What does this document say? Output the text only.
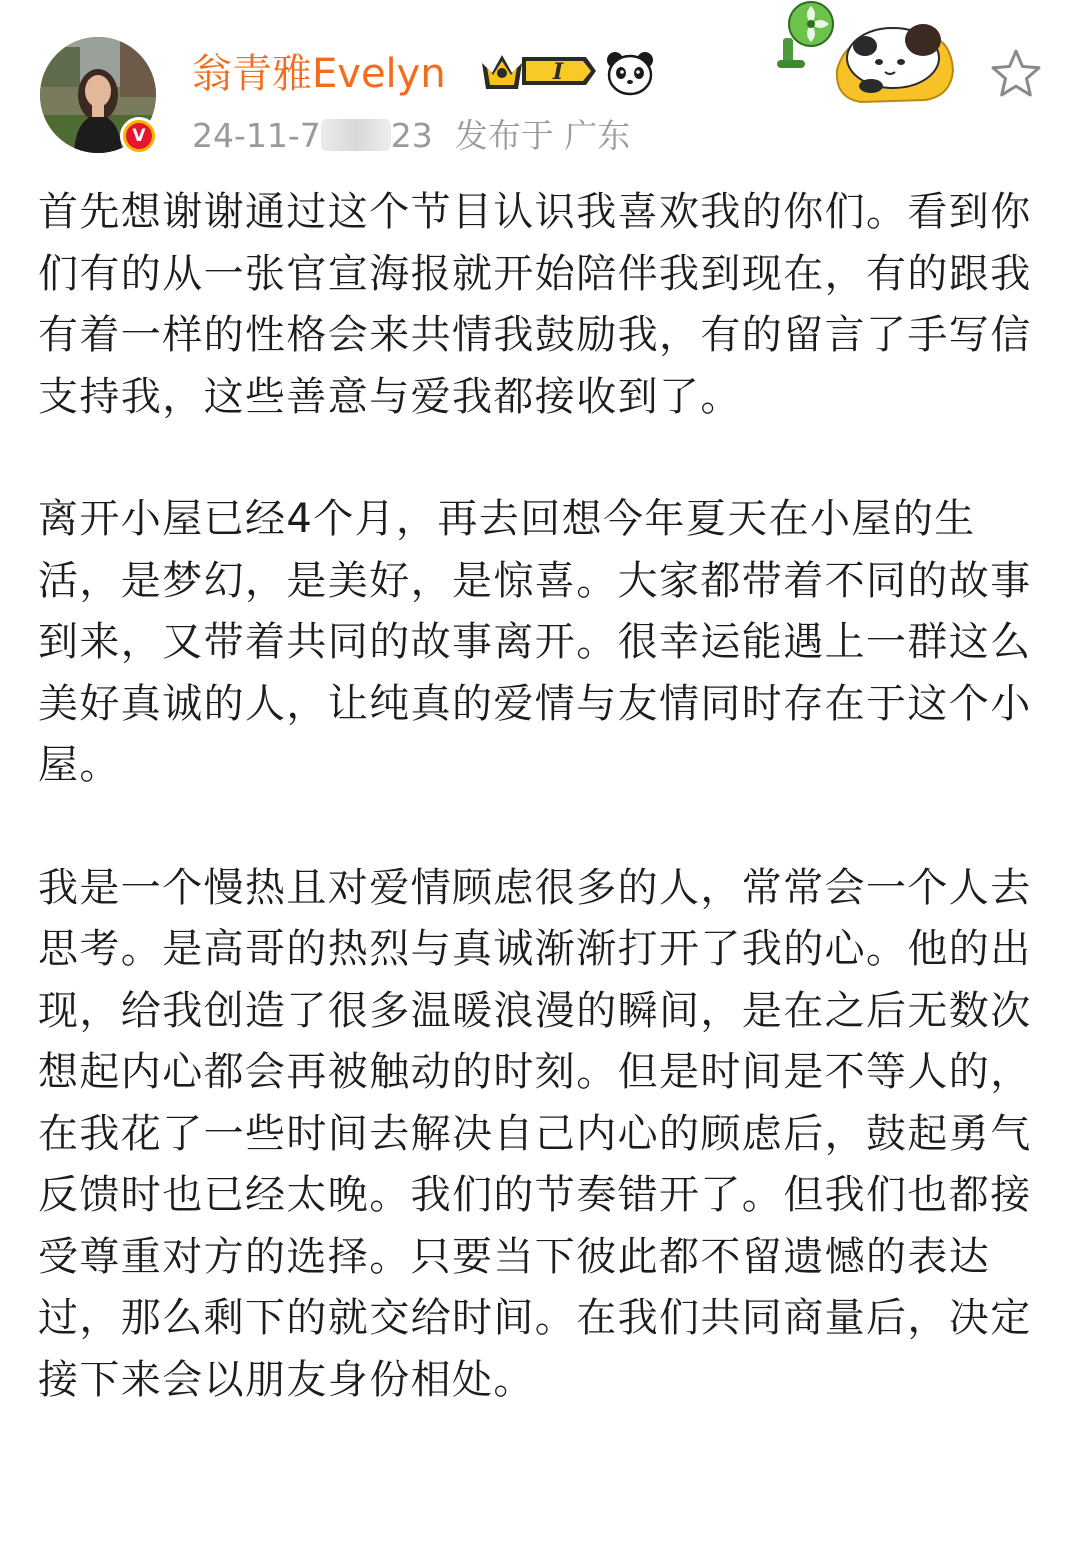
V
翁青雅Evelyn	I
24-11-7 23 发布于 广东

首先想谢谢通过这个节目认识我喜欢我的你们。看到你们有的从一张官宣海报就开始陪伴我到现在，有的跟我有着一样的性格会来共情我鼓励我，有的留言了手写信支持我，这些善意与爱我都接收到了。

离开小屋已经4个月，再去回想今年夏天在小屋的生活，是梦幻，是美好，是惊喜。大家都带着不同的故事到来，又带着共同的故事离开。很幸运能遇上一群这么美好真诚的人，让纯真的爱情与友情同时存在于这个小屋。

我是一个慢热且对爱情顾虑很多的人，常常会一个人去思考。是高哥的热烈与真诚渐渐打开了我的心。他的出现，给我创造了很多温暖浪漫的瞬间，是在之后无数次想起内心都会再被触动的时刻。但是时间是不等人的，在我花了一些时间去解决自己内心的顾虑后，鼓起勇气反馈时也已经太晚。我们的节奏错开了。但我们也都接受尊重对方的选择。只要当下彼此都不留遗憾的表达过，那么剩下的就交给时间。在我们共同商量后，决定接下来会以朋友身份相处。
